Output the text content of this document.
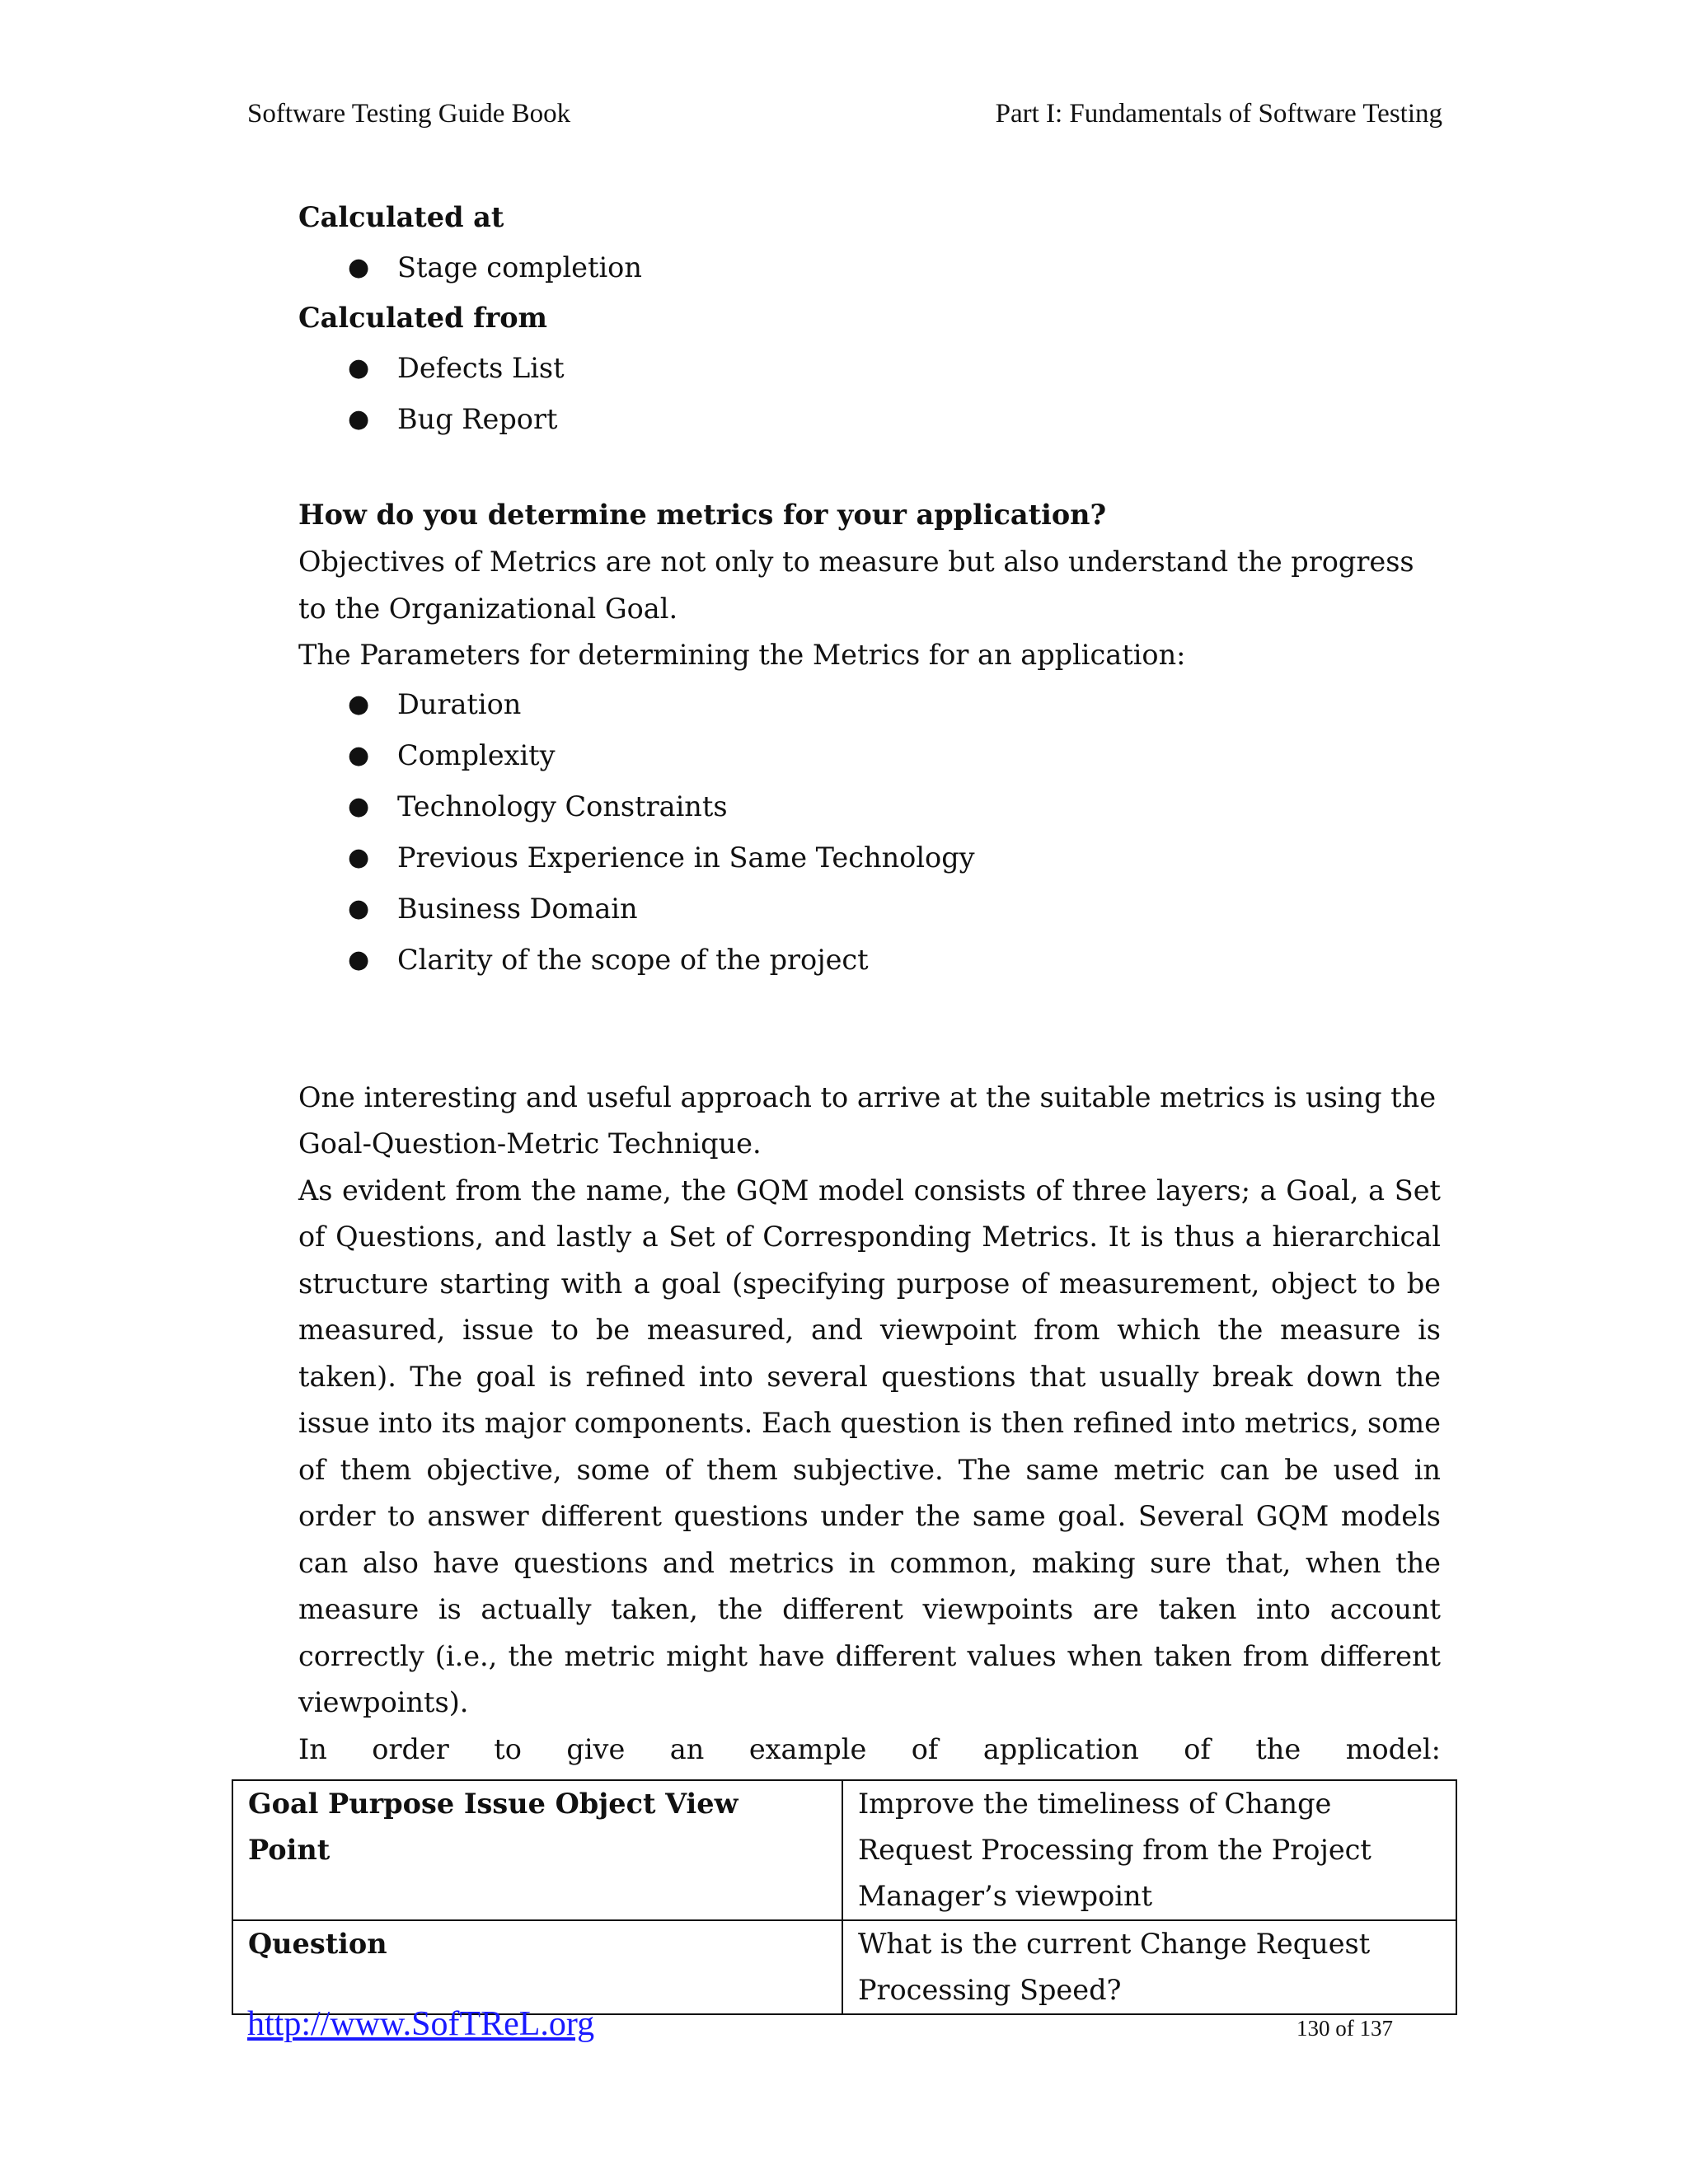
Software Testing Guide Book	Part I: Fundamentals of Software Testing
Calculated at
● Stage completion
Calculated from
● Defects List
● Bug Report
How do you determine metrics for your application?

Objectives of Metrics are not only to measure but also understand the progress to the Organizational Goal.

The Parameters for determining the Metrics for an application:

● Duration
● Complexity
● Technology Constraints
● Previous Experience in Same Technology
● Business Domain
● Clarity of the scope of the project

One interesting and useful approach to arrive at the suitable metrics is using the Goal-Question-Metric Technique.

As evident from the name, the GQM model consists of three layers; a Goal, a Set of Questions, and lastly a Set of Corresponding Metrics. It is thus a hierarchical structure starting with a goal (specifying purpose of measurement, object to be measured, issue to be measured, and viewpoint from which the measure is taken). The goal is refined into several questions that usually break down the issue into its major components. Each question is then refined into metrics, some of them objective, some of them subjective. The same metric can be used in order to answer different questions under the same goal. Several GQM models can also have questions and metrics in common, making sure that, when the measure is actually taken, the different viewpoints are taken into account correctly (i.e., the metric might have different values when taken from different viewpoints).

In order to give an example of application of the model:
Goal Purpose Issue Object View Point	Improve the timeliness of Change Request Processing from the Project Manager’s viewpoint
Question	What is the current Change Request Processing Speed?
http://www.SofTReL.org	130 of 137
